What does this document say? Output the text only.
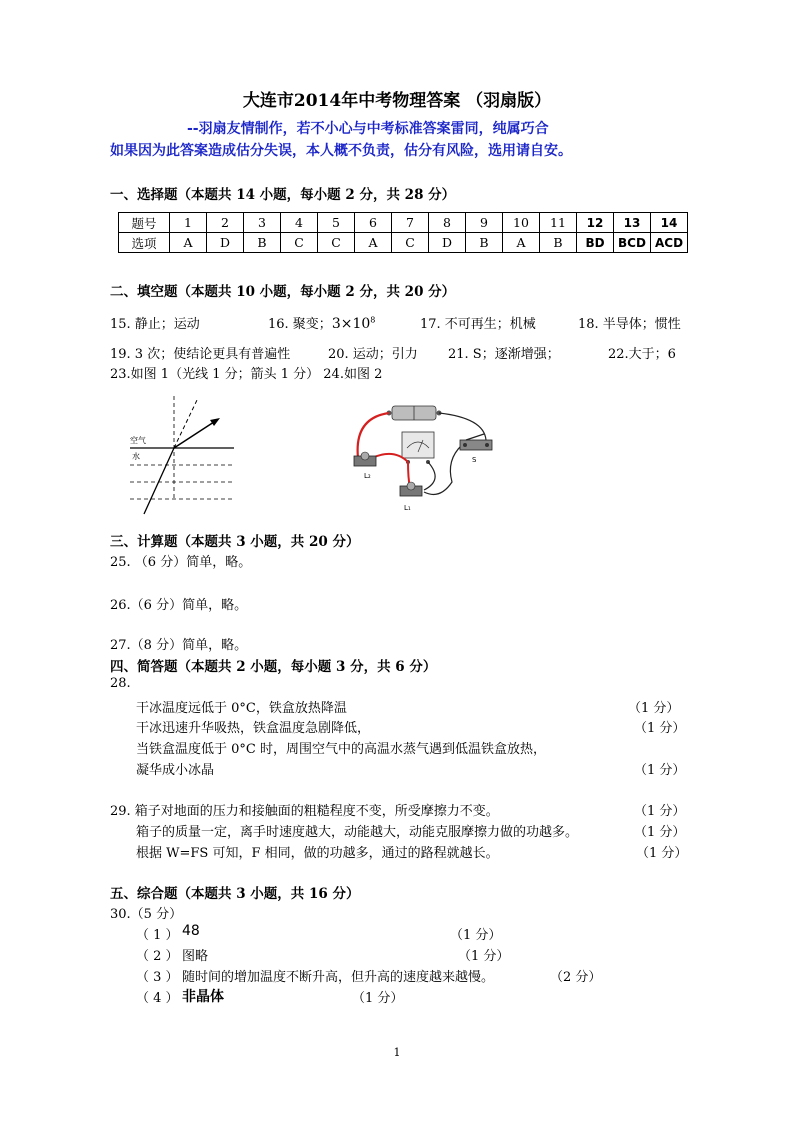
大连市2014年中考物理答案 （羽扇版）
--羽扇友情制作，若不小心与中考标准答案雷同，纯属巧合
如果因为此答案造成估分失误，本人概不负责，估分有风险，选用请自安。
一、选择题（本题共 14 小题，每小题 2 分，共 28 分）
题号	1	2	3	4	5	6	7	8	9	10	11	12	13	14
选项	A	D	B	C	C	A	C	D	B	A	B	BD	BCD	ACD
二、填空题（本题共 10 小题，每小题 2 分，共 20 分）
15. 静止；运动	16. 聚变；$3\times 10^8$	17. 不可再生；机械	18. 半导体；惯性
19. 3 次；使结论更具有普遍性	20. 运动；引力 21. S；逐渐增强；	22.大于；6
23.如图 1（光线 1 分；箭头 1 分） 24.如图 2
空气
水
L₂
L₁
S
三、计算题（本题共 3 小题，共 20 分）
25. （6 分）简单，略。
26.（6 分）简单，略。
27.（8 分）简单，略。
四、简答题（本题共 2 小题，每小题 3 分，共 6 分）
28.
干冰温度远低于 0°C，铁盒放热降温	（1 分）
干冰迅速升华吸热，铁盒温度急剧降低，	（1 分）
当铁盒温度低于 0°C 时，周围空气中的高温水蒸气遇到低温铁盒放热，
凝华成小冰晶	（1 分）
29. 箱子对地面的压力和接触面的粗糙程度不变，所受摩擦力不变。	（1 分）
箱子的质量一定，离手时速度越大，动能越大，动能克服摩擦力做的功越多。	（1 分）
根据 W=FS 可知，F 相同，做的功越多，通过的路程就越长。	（1 分）
五、综合题（本题共 3 小题，共 16 分）
30.（5 分）
（ 1 ） 48	（1 分）
（ 2 ） 图略	（1 分）
（ 3 ） 随时间的增加温度不断升高，但升高的速度越来越慢。	（2 分）
（ 4 ） 非晶体	（1 分）
1
